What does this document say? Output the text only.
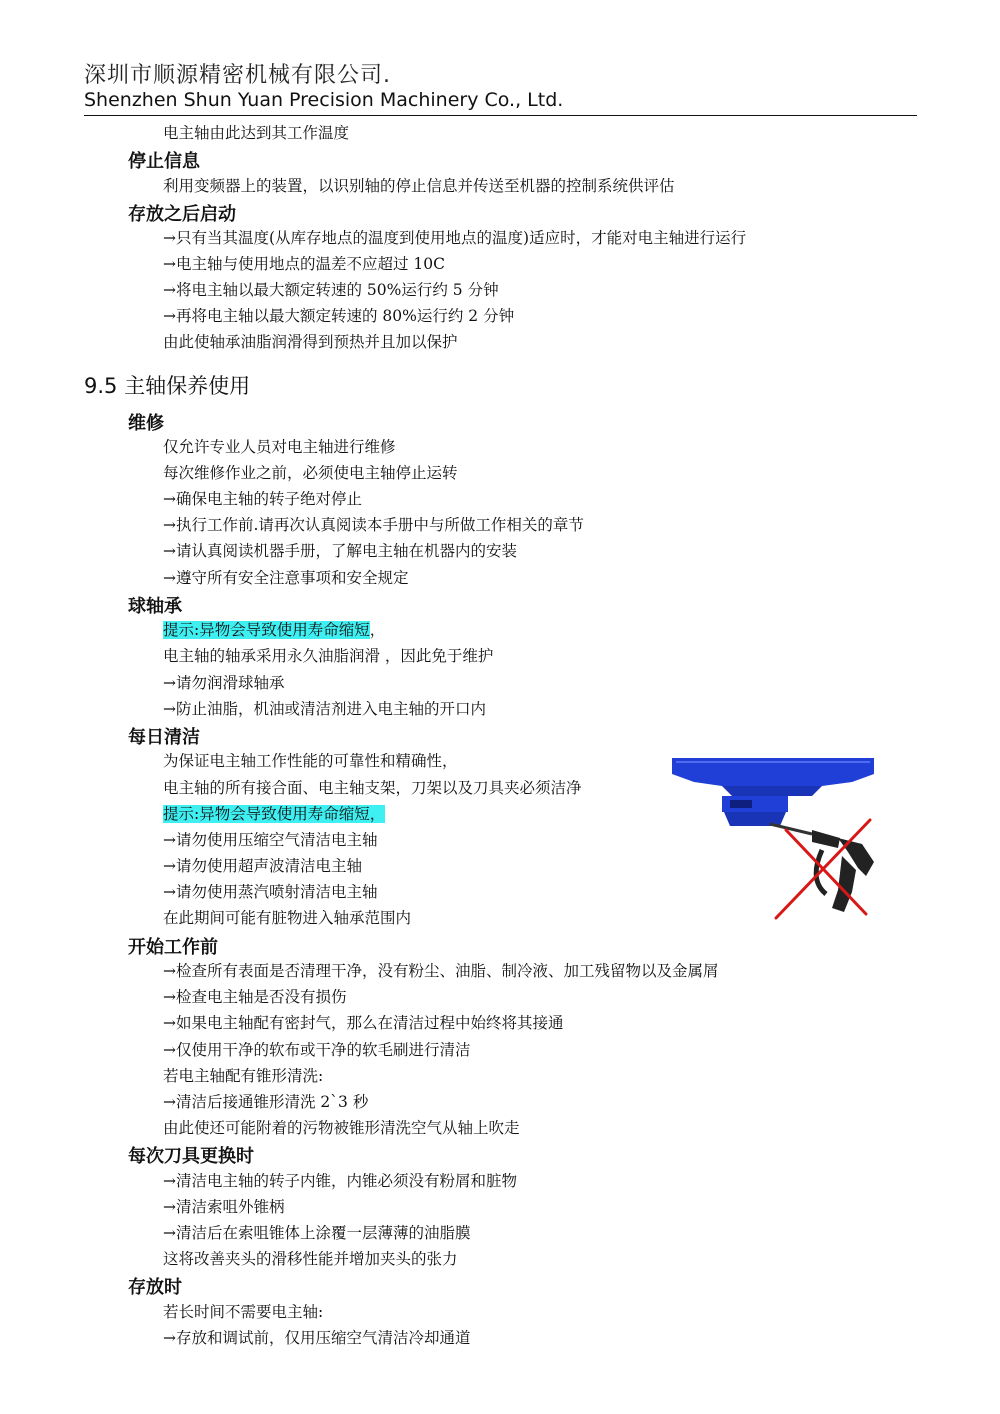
深圳市顺源精密机械有限公司.
Shenzhen Shun Yuan Precision Machinery Co., Ltd.
电主轴由此达到其工作温度
停止信息
利用变频器上的装置，以识别轴的停止信息并传送至机器的控制系统供评估
存放之后启动
→只有当其温度(从库存地点的温度到使用地点的温度)适应时，才能对电主轴进行运行
→电主轴与使用地点的温差不应超过 10C
→将电主轴以最大额定转速的 50%运行约 5 分钟
→再将电主轴以最大额定转速的 80%运行约 2 分钟
由此使轴承油脂润滑得到预热并且加以保护
9.5 主轴保养使用
维修
仅允许专业人员对电主轴进行维修
每次维修作业之前，必须使电主轴停止运转
→确保电主轴的转子绝对停止
→执行工作前.请再次认真阅读本手册中与所做工作相关的章节
→请认真阅读机器手册，了解电主轴在机器内的安装
→遵守所有安全注意事项和安全规定
球轴承
提示:异物会导致使用寿命缩短，
电主轴的轴承采用永久油脂润滑 ，因此免于维护
→请勿润滑球轴承
→防止油脂，机油或清洁剂进入电主轴的开口内
每日清洁
为保证电主轴工作性能的可靠性和精确性，
电主轴的所有接合面、电主轴支架，刀架以及刀具夹必须洁净
提示:异物会导致使用寿命缩短，
→请勿使用压缩空气清洁电主轴
→请勿使用超声波清洁电主轴
→请勿使用蒸汽喷射清洁电主轴
在此期间可能有脏物进入轴承范围内
开始工作前
→检查所有表面是否清理干净，没有粉尘、油脂、制冷液、加工残留物以及金属屑
→检查电主轴是否没有损伤
→如果电主轴配有密封气，那么在清洁过程中始终将其接通
→仅使用干净的软布或干净的软毛刷进行清洁
若电主轴配有锥形清洗:
→清洁后接通锥形清洗 2`3 秒
由此使还可能附着的污物被锥形清洗空气从轴上吹走
每次刀具更换时
→清洁电主轴的转子内锥，内锥必须没有粉屑和脏物
→清洁索咀外锥柄
→清洁后在索咀锥体上涂覆一层薄薄的油脂膜
这将改善夹头的滑移性能并增加夹头的张力
存放时
若长时间不需要电主轴:
→存放和调试前，仅用压缩空气清洁冷却通道
